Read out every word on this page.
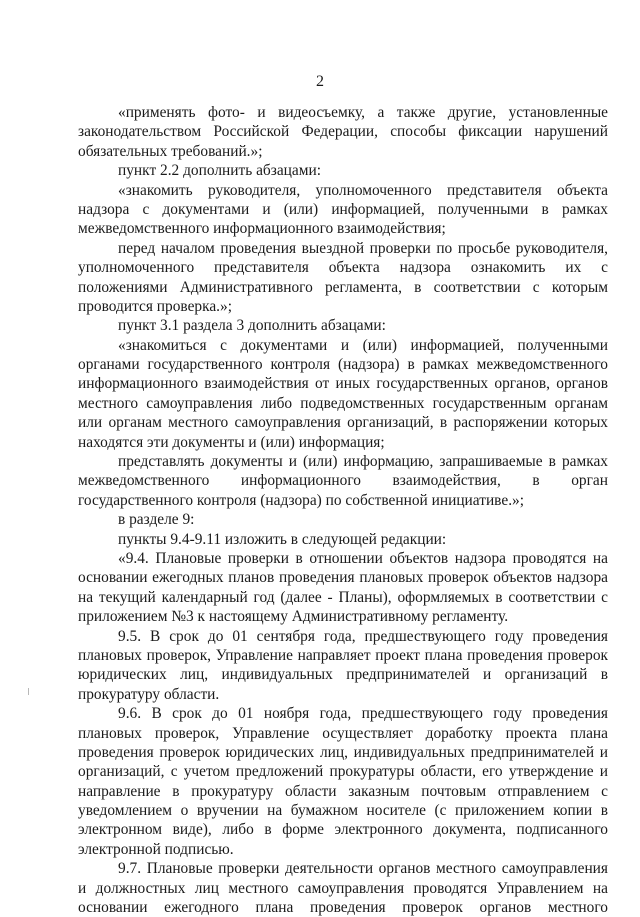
2
«применять фото- и видеосъемку, а также другие, установленные
законодательством Российской Федерации, способы фиксации нарушений
обязательных требований.»;
пункт 2.2 дополнить абзацами:
«знакомить руководителя, уполномоченного представителя объекта
надзора с документами и (или) информацией, полученными в рамках
межведомственного информационного взаимодействия;
перед началом проведения выездной проверки по просьбе руководителя,
уполномоченного представителя объекта надзора ознакомить их с
положениями Административного регламента, в соответствии с которым
проводится проверка.»;
пункт 3.1 раздела 3 дополнить абзацами:
«знакомиться с документами и (или) информацией, полученными
органами государственного контроля (надзора) в рамках межведомственного
информационного взаимодействия от иных государственных органов, органов
местного самоуправления либо подведомственных государственным органам
или органам местного самоуправления организаций, в распоряжении которых
находятся эти документы и (или) информация;
представлять документы и (или) информацию, запрашиваемые в рамках
межведомственного информационного взаимодействия, в орган
государственного контроля (надзора) по собственной инициативе.»;
в разделе 9:
пункты 9.4-9.11 изложить в следующей редакции:
«9.4. Плановые проверки в отношении объектов надзора проводятся на
основании ежегодных планов проведения плановых проверок объектов надзора
на текущий календарный год (далее - Планы), оформляемых в соответствии с
приложением №3 к настоящему Административному регламенту.
9.5. В срок до 01 сентября года, предшествующего году проведения
плановых проверок, Управление направляет проект плана проведения проверок
юридических лиц, индивидуальных предпринимателей и организаций в
прокуратуру области.
9.6. В срок до 01 ноября года, предшествующего году проведения
плановых проверок, Управление осуществляет доработку проекта плана
проведения проверок юридических лиц, индивидуальных предпринимателей и
организаций, с учетом предложений прокуратуры области, его утверждение и
направление в прокуратуру области заказным почтовым отправлением с
уведомлением о вручении на бумажном носителе (с приложением копии в
электронном виде), либо в форме электронного документа, подписанного
электронной подписью.
9.7. Плановые проверки деятельности органов местного самоуправления
и должностных лиц местного самоуправления проводятся Управлением на
основании ежегодного плана проведения проверок органов местного
